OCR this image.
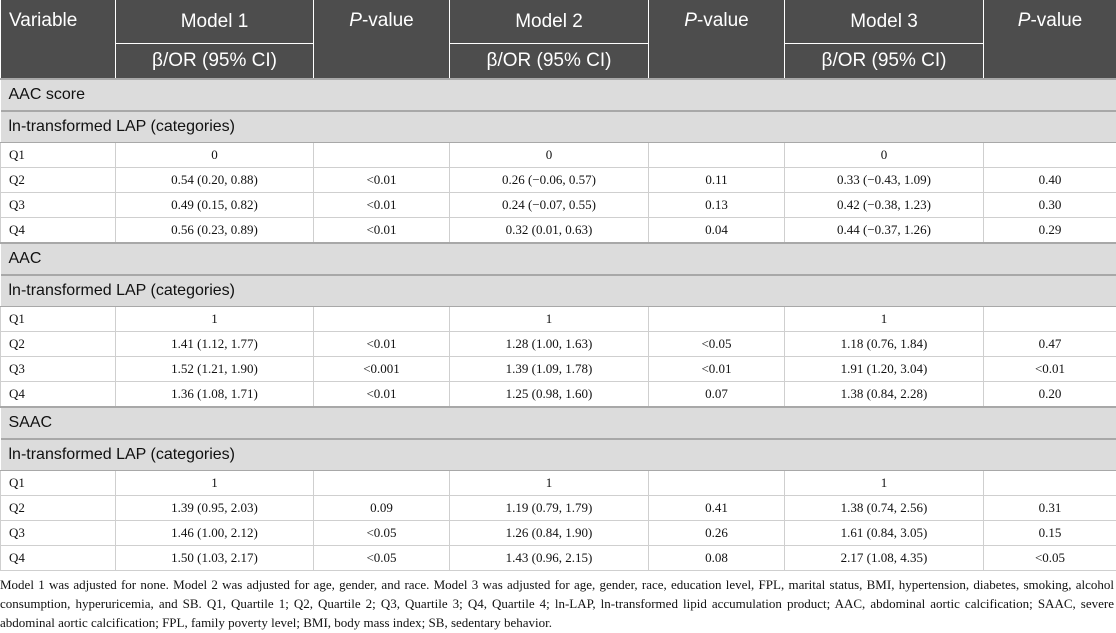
Variable	Model 1	P-value	Model 2	P-value	Model 3	P-value
	β/OR (95% CI)		β/OR (95% CI)		β/OR (95% CI)	
AAC score						
ln-transformed LAP (categories)						
Q1	0		0		0	
Q2	0.54 (0.20, 0.88)	<0.01	0.26 (−0.06, 0.57)	0.11	0.33 (−0.43, 1.09)	0.40
Q3	0.49 (0.15, 0.82)	<0.01	0.24 (−0.07, 0.55)	0.13	0.42 (−0.38, 1.23)	0.30
Q4	0.56 (0.23, 0.89)	<0.01	0.32 (0.01, 0.63)	0.04	0.44 (−0.37, 1.26)	0.29
AAC						
ln-transformed LAP (categories)						
Q1	1		1		1	
Q2	1.41 (1.12, 1.77)	<0.01	1.28 (1.00, 1.63)	<0.05	1.18 (0.76, 1.84)	0.47
Q3	1.52 (1.21, 1.90)	<0.001	1.39 (1.09, 1.78)	<0.01	1.91 (1.20, 3.04)	<0.01
Q4	1.36 (1.08, 1.71)	<0.01	1.25 (0.98, 1.60)	0.07	1.38 (0.84, 2.28)	0.20
SAAC						
ln-transformed LAP (categories)						
Q1	1		1		1	
Q2	1.39 (0.95, 2.03)	0.09	1.19 (0.79, 1.79)	0.41	1.38 (0.74, 2.56)	0.31
Q3	1.46 (1.00, 2.12)	<0.05	1.26 (0.84, 1.90)	0.26	1.61 (0.84, 3.05)	0.15
Q4	1.50 (1.03, 2.17)	<0.05	1.43 (0.96, 2.15)	0.08	2.17 (1.08, 4.35)	<0.05

Model 1 was adjusted for none. Model 2 was adjusted for age, gender, and race. Model 3 was adjusted for age, gender, race, education level, FPL, marital status, BMI, hypertension, diabetes, smoking, alcohol consumption, hyperuricemia, and SB. Q1, Quartile 1; Q2, Quartile 2; Q3, Quartile 3; Q4, Quartile 4; ln-LAP, ln-transformed lipid accumulation product; AAC, abdominal aortic calcification; SAAC, severe abdominal aortic calcification; FPL, family poverty level; BMI, body mass index; SB, sedentary behavior.
